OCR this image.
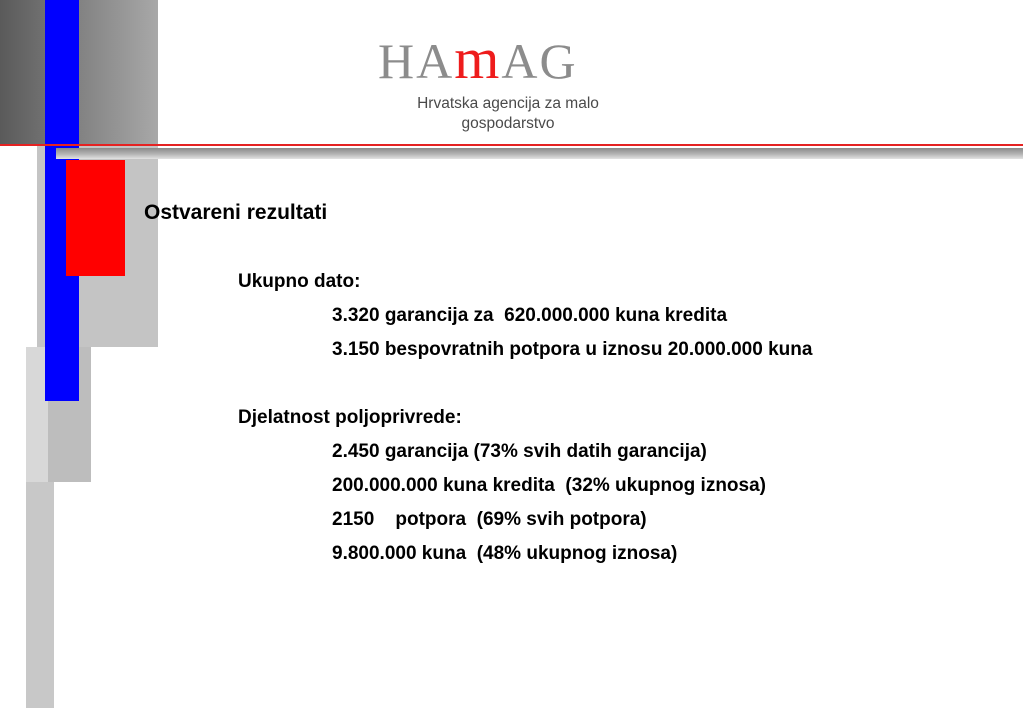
HAmAG
Hrvatska agencija za malo
gospodarstvo
Ostvareni rezultati
Ukupno dato:
3.320 garancija za  620.000.000 kuna kredita
3.150 bespovratnih potpora u iznosu 20.000.000 kuna
Djelatnost poljoprivrede:
2.450 garancija (73% svih datih garancija)
200.000.000 kuna kredita  (32% ukupnog iznosa)
2150    potpora  (69% svih potpora)
9.800.000 kuna  (48% ukupnog iznosa)
